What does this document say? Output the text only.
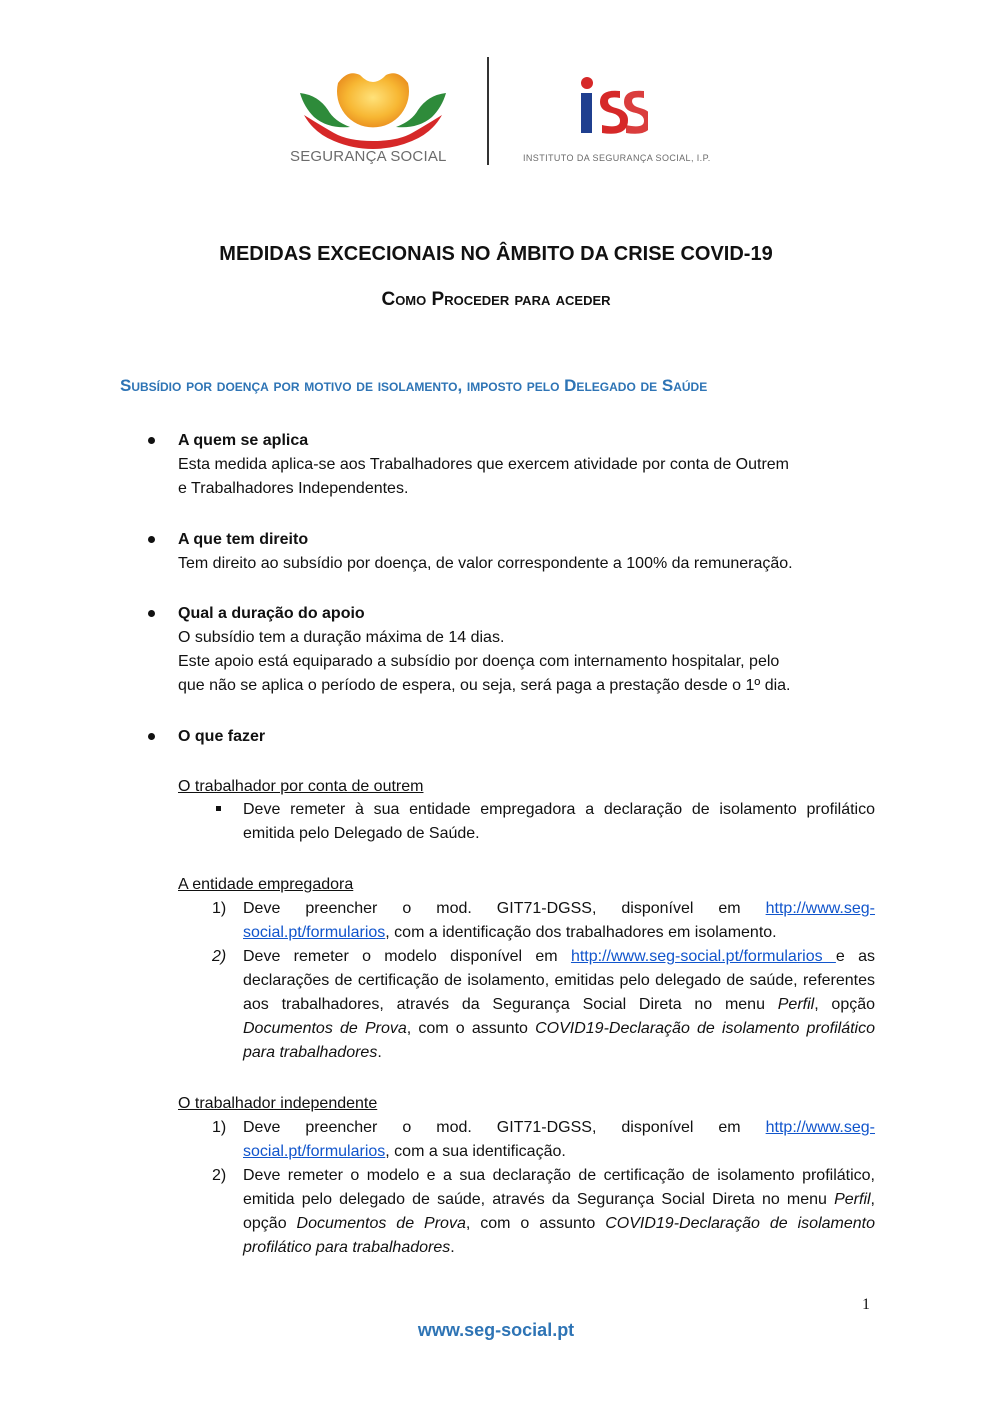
SEGURANÇA SOCIAL	INSTITUTO DA SEGURANÇA SOCIAL, I.P.
MEDIDAS EXCECIONAIS NO ÂMBITO DA CRISE COVID-19
Como Proceder para aceder
Subsídio por doença por motivo de isolamento, imposto pelo Delegado de Saúde
A quem se aplica
Esta medida aplica-se aos Trabalhadores que exercem atividade por conta de Outrem
e Trabalhadores Independentes.
A que tem direito
Tem direito ao subsídio por doença, de valor correspondente a 100% da remuneração.
Qual a duração do apoio
O subsídio tem a duração máxima de 14 dias.
Este apoio está equiparado a subsídio por doença com internamento hospitalar, pelo
que não se aplica o período de espera, ou seja, será paga a prestação desde o 1º dia.
O que fazer
O trabalhador por conta de outrem
Deve remeter à sua entidade empregadora a declaração de isolamento profilático emitida pelo Delegado de Saúde.
A entidade empregadora
1) Deve preencher o mod. GIT71-DGSS, disponível em http://www.seg-social.pt/formularios, com a identificação dos trabalhadores em isolamento.
2) Deve remeter o modelo disponível em http://www.seg-social.pt/formularios e as declarações de certificação de isolamento, emitidas pelo delegado de saúde, referentes aos trabalhadores, através da Segurança Social Direta no menu Perfil, opção Documentos de Prova, com o assunto COVID19-Declaração de isolamento profilático para trabalhadores.
O trabalhador independente
1) Deve preencher o mod. GIT71-DGSS, disponível em http://www.seg-social.pt/formularios, com a sua identificação.
2) Deve remeter o modelo e a sua declaração de certificação de isolamento profilático, emitida pelo delegado de saúde, através da Segurança Social Direta no menu Perfil, opção Documentos de Prova, com o assunto COVID19-Declaração de isolamento profilático para trabalhadores.
1
www.seg-social.pt
